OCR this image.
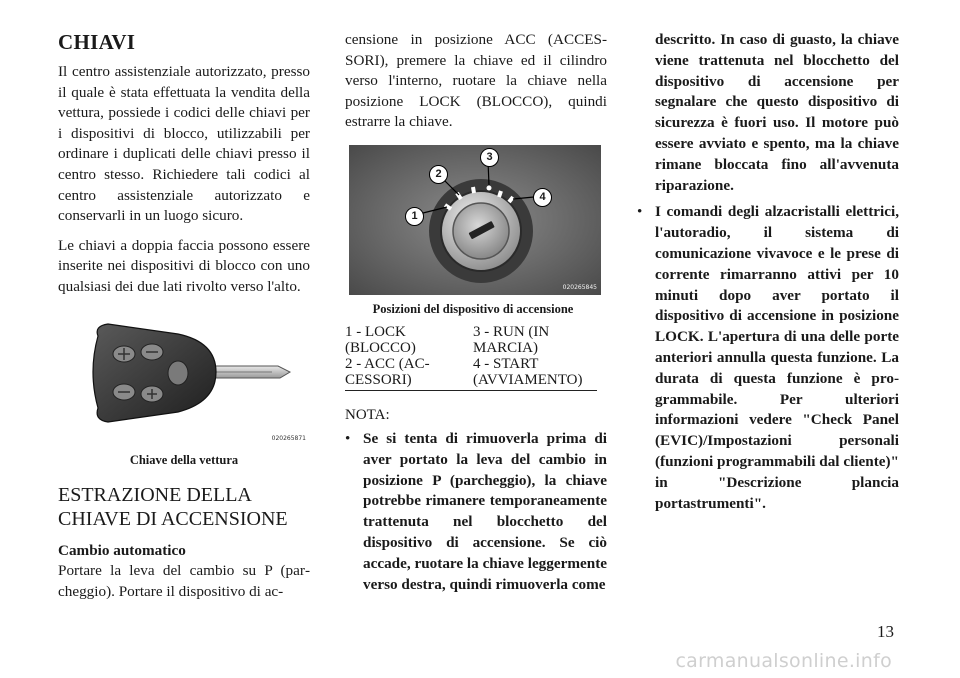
CHIAVI

Il centro assistenziale autorizzato, presso il quale è stata effettuata la vendita della vettura, possiede i codici delle chiavi per i dispositivi di blocco, utilizzabili per ordinare i duplicati delle chiavi presso il centro stesso. Richiedere tali codici al centro assistenziale autorizzato e conservarli in un luogo sicuro.

Le chiavi a doppia faccia possono essere inserite nei dispositivi di blocco con uno qualsiasi dei due lati rivolto verso l'alto.

020265871
Chiave della vettura
ESTRAZIONE DELLA
CHIAVE DI ACCENSIONE
Cambio automatico

Portare la leva del cambio su P (parcheggio). Portare il dispositivo di ac-

censione in posizione ACC (ACCESSORI), premere la chiave ed il cilindro verso l'interno, ruotare la chiave nella posizione LOCK (BLOCCO), quindi estrarre la chiave.

1
2
3
4
020265845
Posizioni del dispositivo di accensione
1 - LOCK (BLOCCO)	3 - RUN (IN MARCIA)
2 - ACC (ACCESSORI)	4 - START (AVVIAMENTO)
NOTA:
• Se si tenta di rimuoverla prima di aver portato la leva del cambio in posizione P (parcheggio), la chiave potrebbe rimanere temporaneamente trattenuta nel blocchetto del dispositivo di accensione. Se ciò accade, ruotare la chiave leggermente verso destra, quindi rimuoverla come

descritto. In caso di guasto, la chiave viene trattenuta nel blocchetto del dispositivo di accensione per segnalare che questo dispositivo di sicurezza è fuori uso. Il motore può essere avviato e spento, ma la chiave rimane bloccata fino all'avvenuta riparazione.

• I comandi degli alzacristalli elettrici, l'autoradio, il sistema di comunicazione vivavoce e le prese di corrente rimarranno attivi per 10 minuti dopo aver portato il dispositivo di accensione in posizione LOCK. L'apertura di una delle porte anteriori annulla questa funzione. La durata di questa funzione è programmabile. Per ulteriori informazioni vedere "Check Panel (EVIC)/Impostazioni personali (funzioni programmabili dal cliente)" in "Descrizione plancia portastrumenti".
13
carmanualsonline.info
